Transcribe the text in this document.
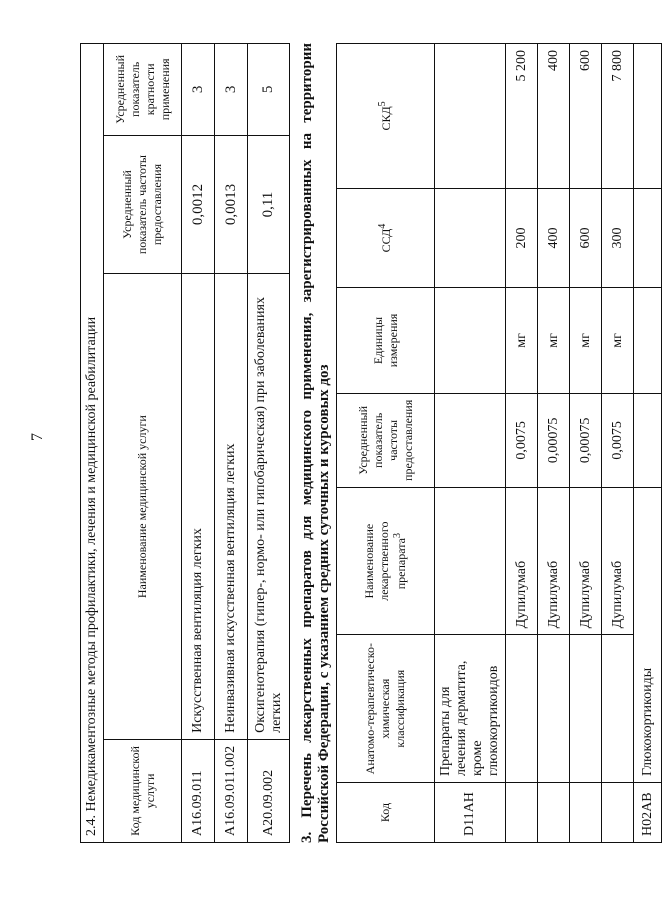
7	2.4. Немедикаментозные методы профилактики, лечения и медицинской реабилитации			
Код медицинской услуги	Наименование медицинской услуги	Усредненный показатель частоты предоставления	Усредненный показатель кратности применения
A16.09.011	Искусственная вентиляция легких	0,0012	3
A16.09.011.002	Неинвазивная искусственная вентиляция легких	0,0013	3
A20.09.002	Оксигенотерапия (гипер-, нормо- или гипобарическая) при заболеваниях легких	0,11	5
3.Перечень лекарственных препаратов для медицинского применения, зарегистрированных на территории Российской Федерации, с указанием средних суточных и курсовых доз	Код	Анатомо-терапевтическо-химическая классификация	Наименование лекарственного препарата$^3$	Усредненный показатель частоты предоставления	Единицы измерения	ССД$^4$	СКД$^5$
D11AH	Препараты для лечения дерматита, кроме глюкокортикоидов					
		Дупилумаб	0,0075	мг	200	5 200
		Дупилумаб	0,00075	мг	400	400
		Дупилумаб	0,00075	мг	600	600
		Дупилумаб	0,0075	мг	300	7 800
H02AB	Глюкокортикоиды					
